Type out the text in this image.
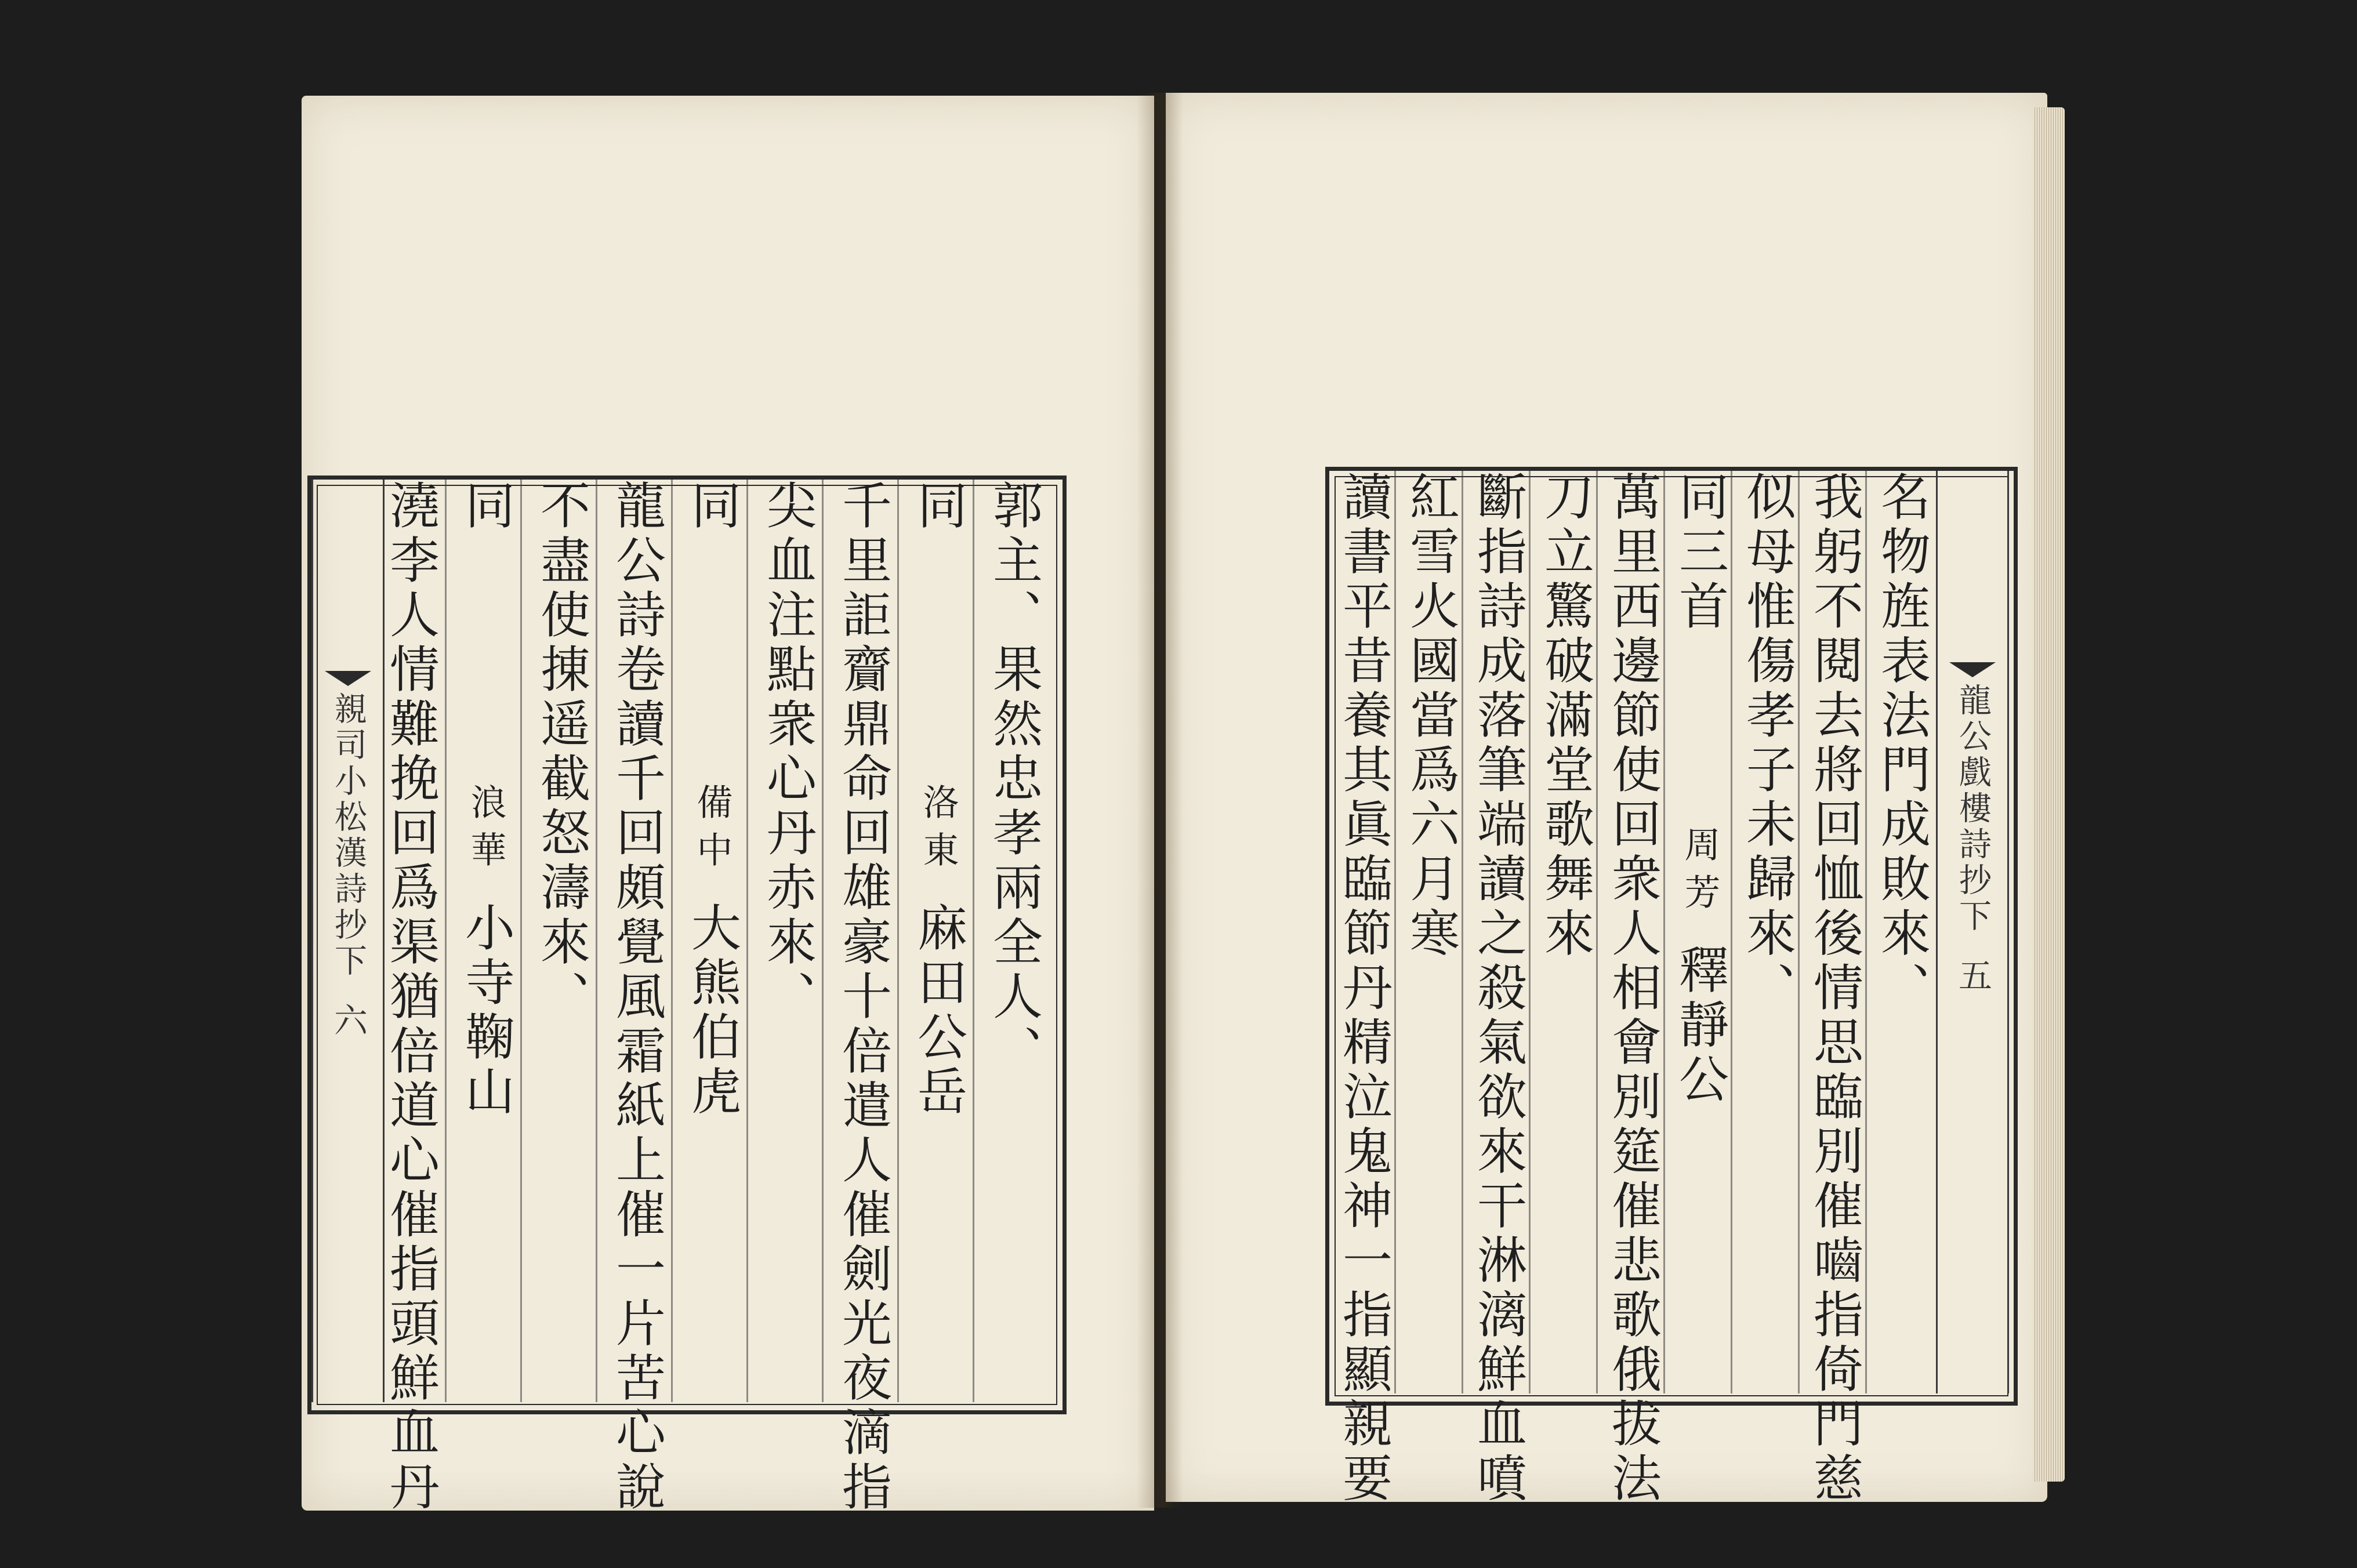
親司小松漢詩抄下
六	郭主、果然忠孝兩全人、
同
洛東
麻田公岳
千里詎齎鼎命回雄豪十倍遣人催劍光夜滴指
尖血注點衆心丹赤來、
同
備中
大熊伯虎
龍公詩卷讀千回頗覺風霜紙上催一片苦心說
不盡使㨂遥截怒濤來、
同
浪華
小寺鞠山
澆李人情難挽回爲渠猶倍道心催指頭鮮血丹	龍公戲樓詩抄下
五
名物旌表法門成敗來、
我躬不閱去將回恤後情思臨別催嚙指倚門慈
似母惟傷孝子未歸來、
同三首
周芳
釋靜公
萬里西邊節使回衆人相會別筵催悲歌俄拔法
刀立驚破滿堂歌舞來
斷指詩成落筆端讀之殺氣欲來干淋漓鮮血噴
紅雪火國當爲六月寒
讀書平昔養其眞臨節丹精泣鬼神一指顯親要
